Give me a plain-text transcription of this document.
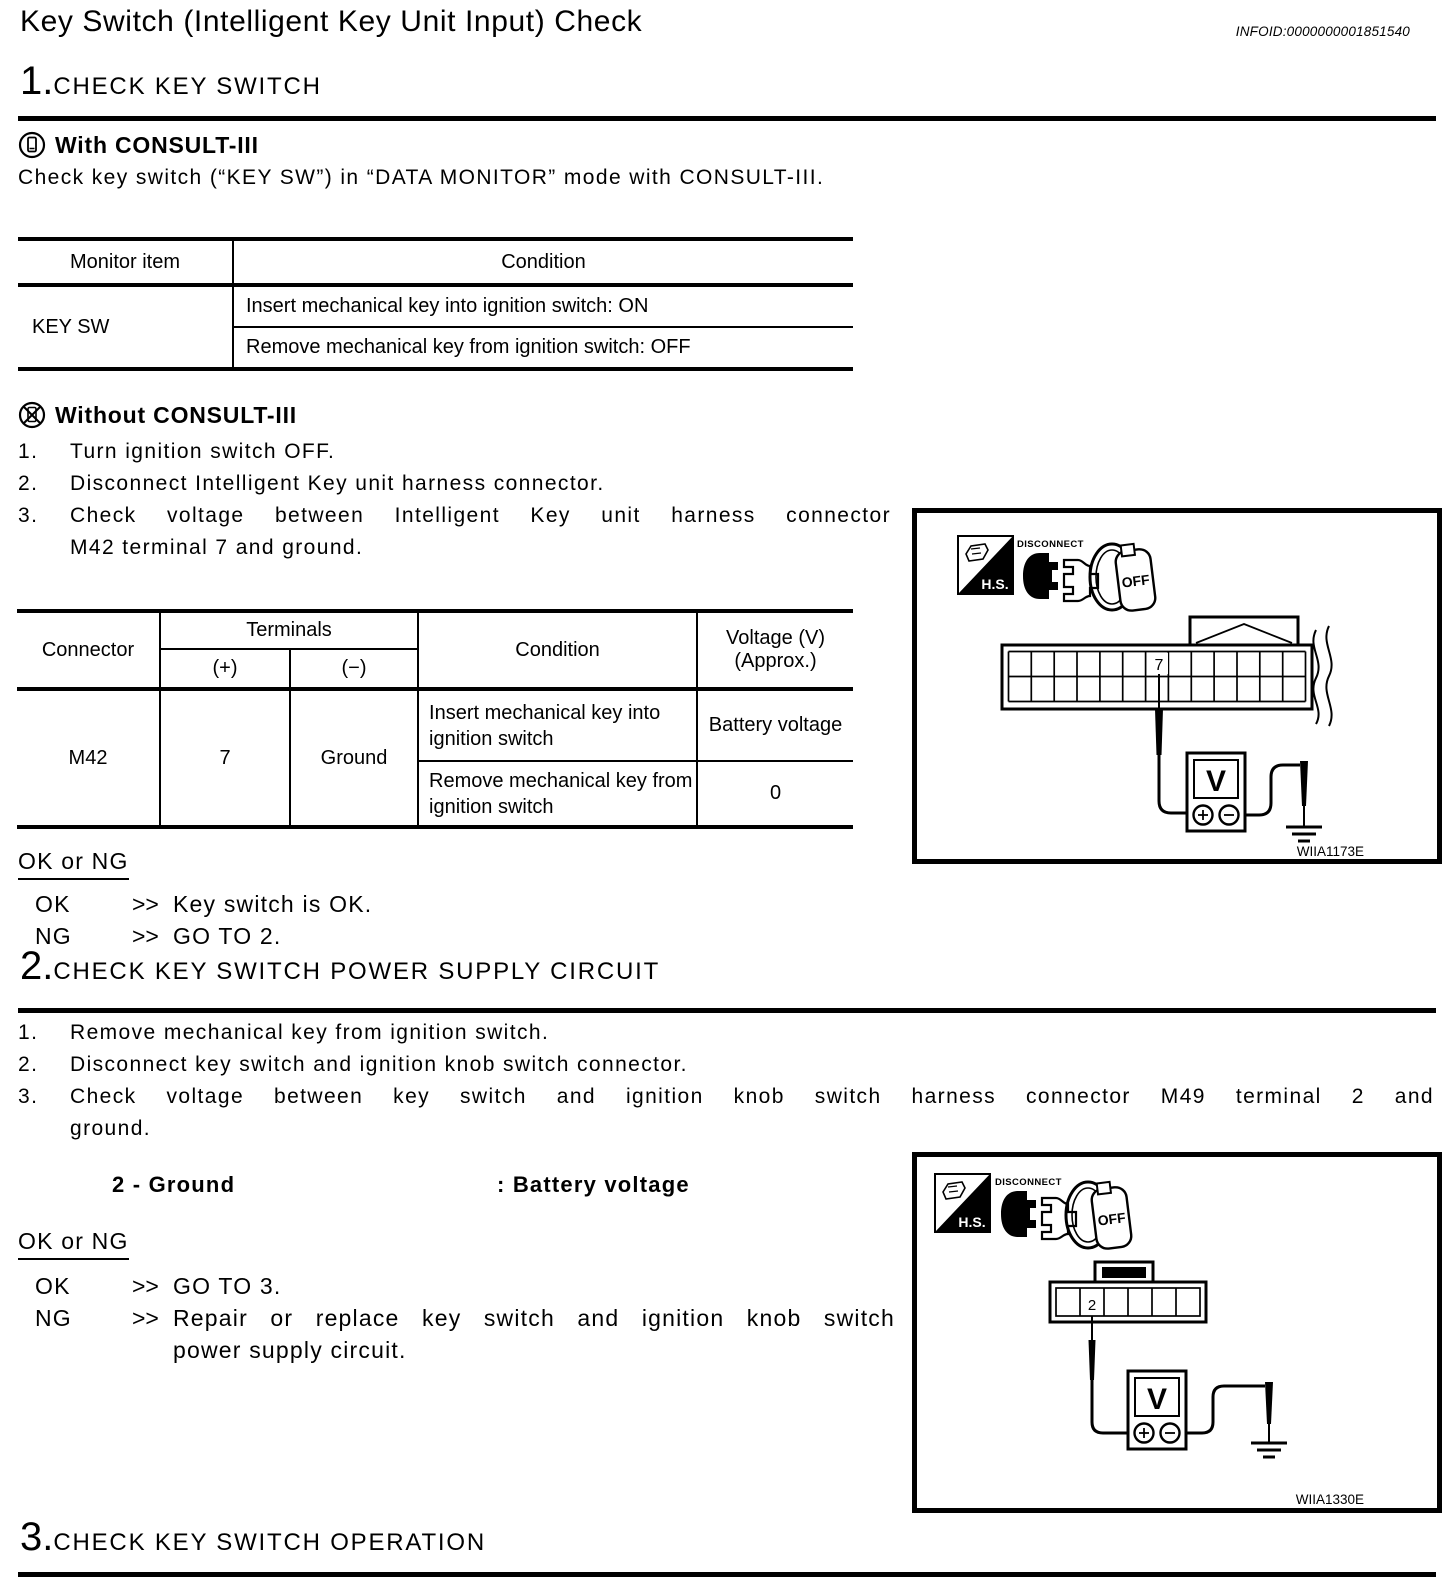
Key Switch (Intelligent Key Unit Input) Check	INFOID:0000000001851540
1. CHECK KEY SWITCH
With CONSULT-III
Check key switch (“KEY SW”) in “DATA MONITOR” mode with CONSULT-III.
Monitor item	Condition
KEY SW	Insert mechanical key into ignition switch: ON
	Remove mechanical key from ignition switch: OFF
Without CONSULT-III
1.	Turn ignition switch OFF.
2.	Disconnect Intelligent Key unit harness connector.
3.	Check voltage between Intelligent Key unit harness connector
M42 terminal 7 and ground.
Connector	Terminals		Condition	Voltage (V)
(Approx.)

	(+)	(−)		
M42	7	Ground	Insert mechanical key into ignition switch	Battery voltage
			Remove mechanical key from ignition switch	0
H.S.
DISCONNECT
OFF
7
V
WIIA1173E
OK or NG
OK	>> Key switch is OK.
NG	>> GO TO 2.
2. CHECK KEY SWITCH POWER SUPPLY CIRCUIT
1.	Remove mechanical key from ignition switch.
2.	Disconnect key switch and ignition knob switch connector.
3.	Check voltage between key switch and ignition knob switch harness connector M49 terminal 2 and
ground.
2 - Ground	: Battery voltage
OK or NG
OK	>> GO TO 3.
NG	>> Repair or replace key switch and ignition knob switch
power supply circuit.
H.S.
DISCONNECT
OFF
2
V
WIIA1330E
3. CHECK KEY SWITCH OPERATION
